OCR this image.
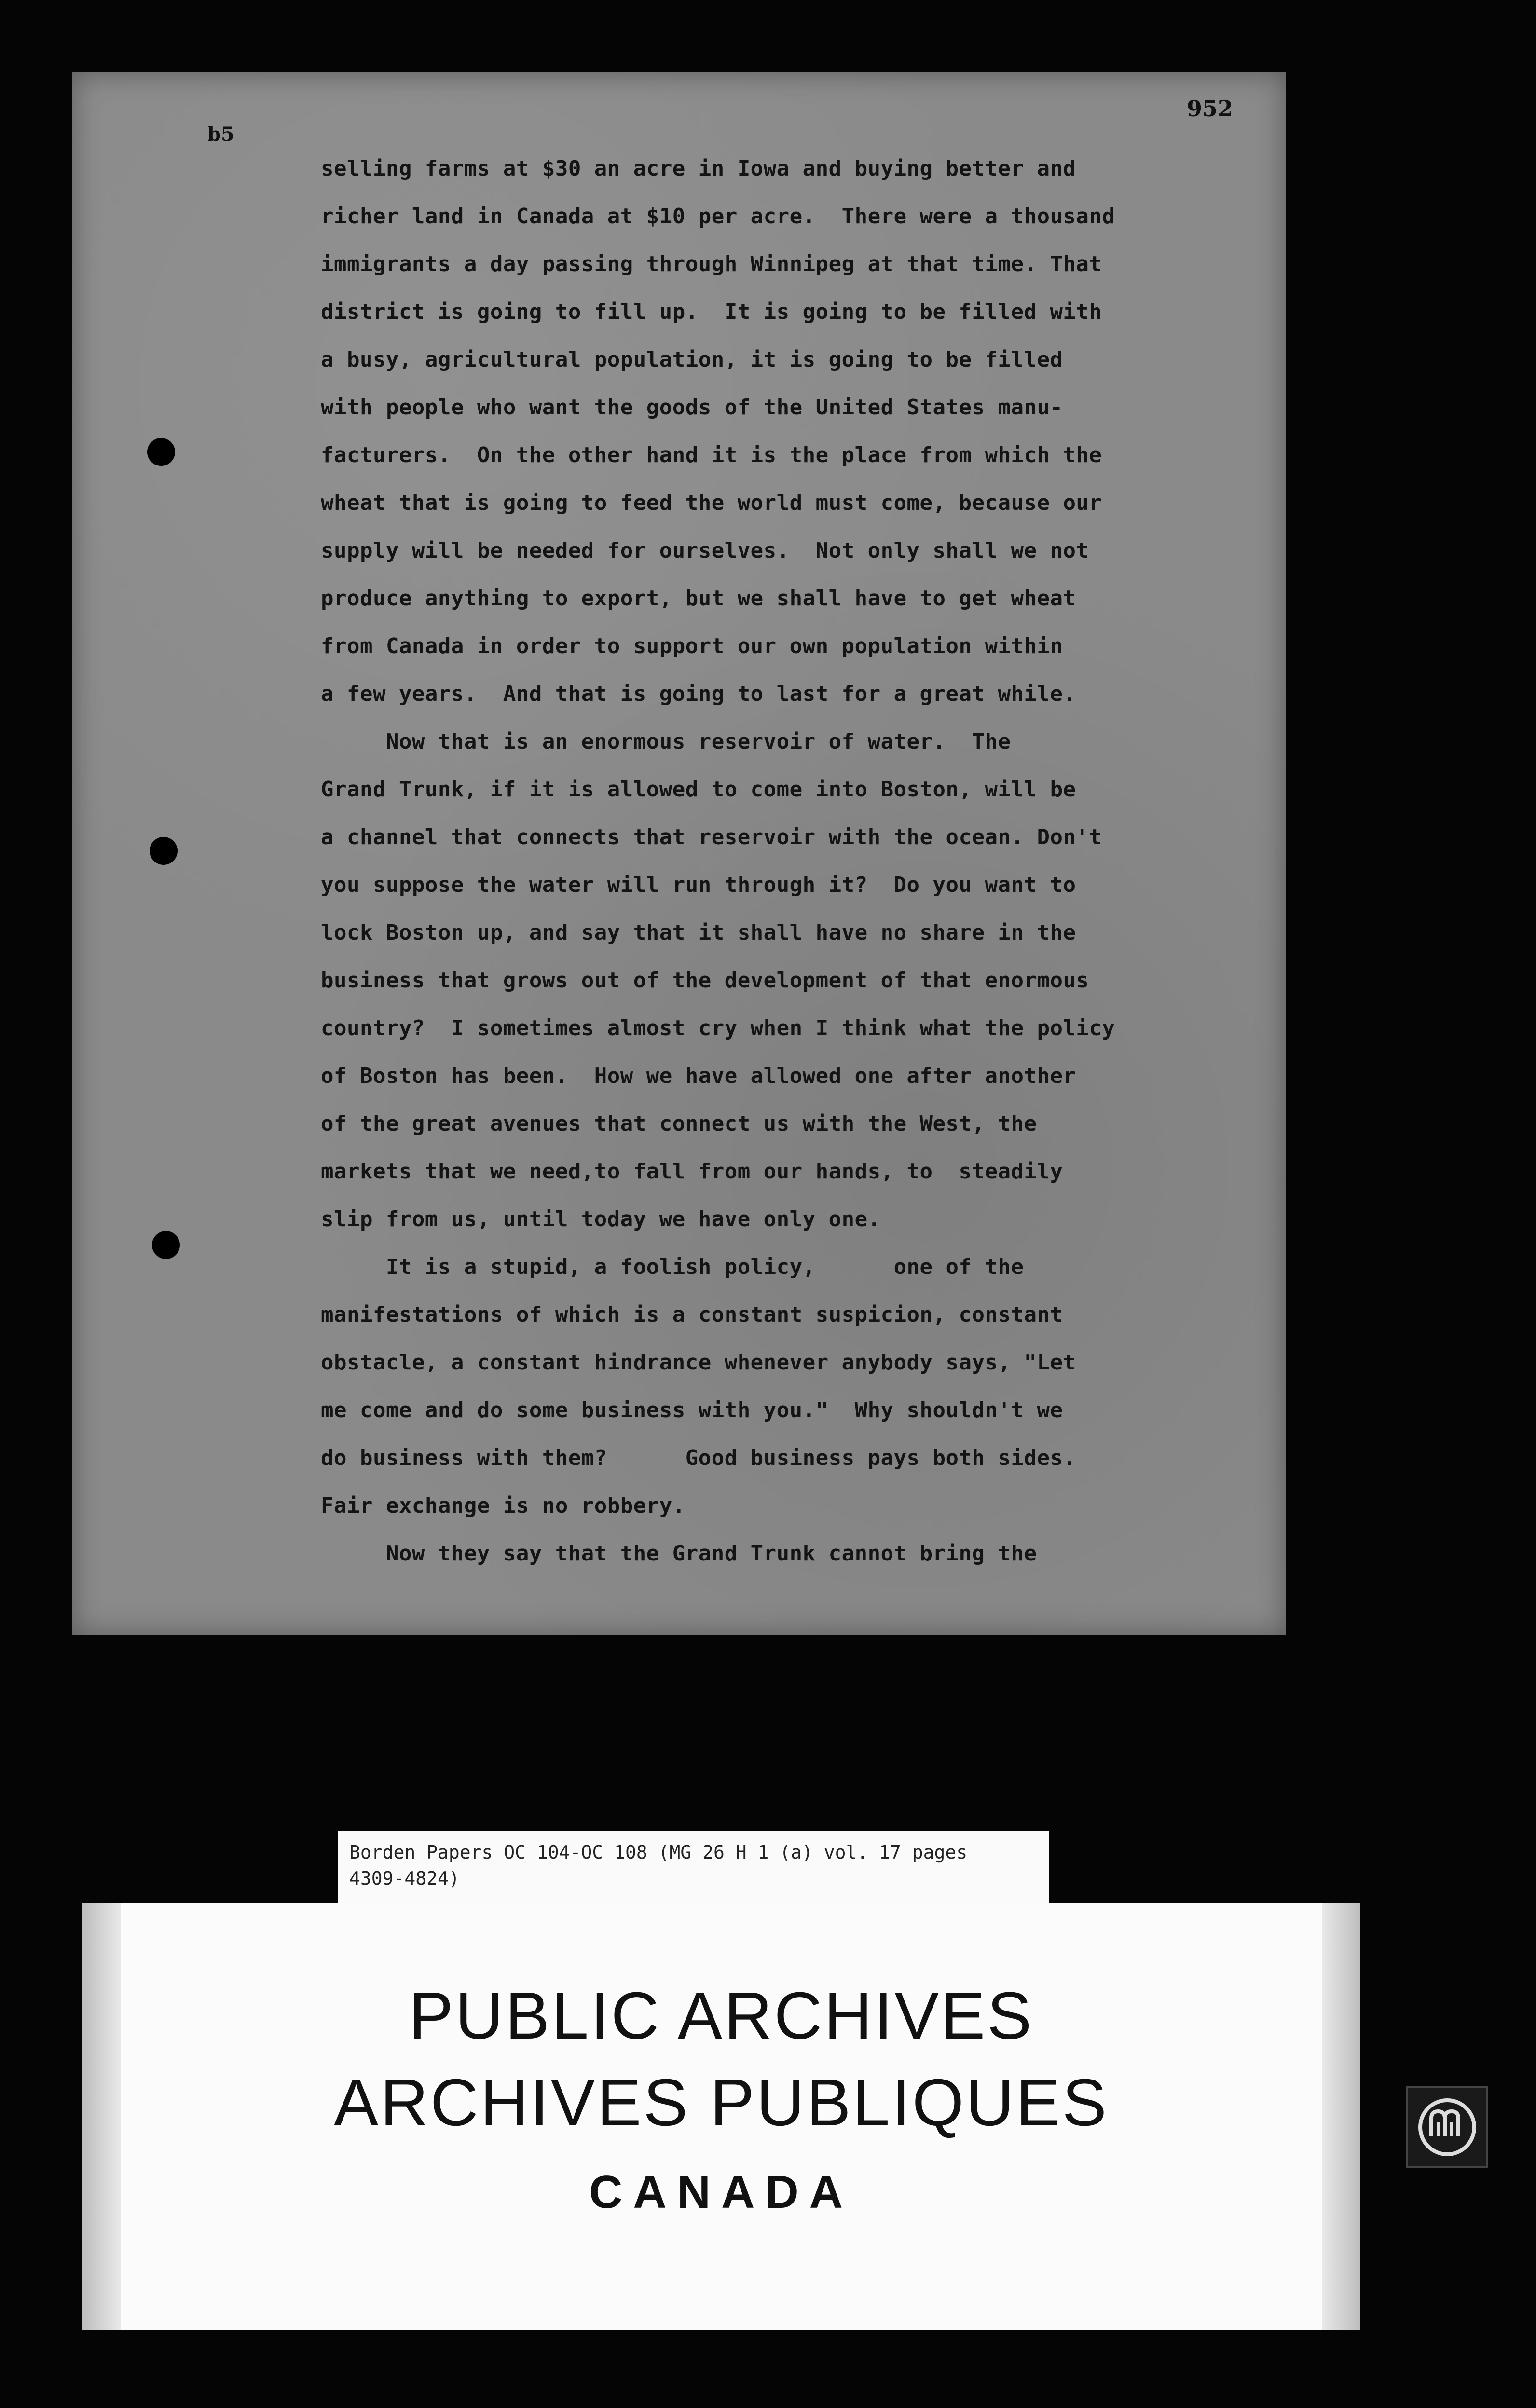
952
b5
selling farms at $30 an acre in Iowa and buying better and
richer land in Canada at $10 per acre.  There were a thousand
immigrants a day passing through Winnipeg at that time. That
district is going to fill up.  It is going to be filled with
a busy, agricultural population, it is going to be filled
with people who want the goods of the United States manu-
facturers.  On the other hand it is the place from which the
wheat that is going to feed the world must come, because our
supply will be needed for ourselves.  Not only shall we not
produce anything to export, but we shall have to get wheat
from Canada in order to support our own population within
a few years.  And that is going to last for a great while.
Now that is an enormous reservoir of water.  The
Grand Trunk, if it is allowed to come into Boston, will be
a channel that connects that reservoir with the ocean. Don't
you suppose the water will run through it?  Do you want to
lock Boston up, and say that it shall have no share in the
business that grows out of the development of that enormous
country?  I sometimes almost cry when I think what the policy
of Boston has been.  How we have allowed one after another
of the great avenues that connect us with the West, the
markets that we need,to fall from our hands, to  steadily
slip from us, until today we have only one.
It is a stupid, a foolish policy,      one of the
manifestations of which is a constant suspicion, constant
obstacle, a constant hindrance whenever anybody says, "Let
me come and do some business with you."  Why shouldn't we
do business with them?      Good business pays both sides.
Fair exchange is no robbery.
Now they say that the Grand Trunk cannot bring the
Borden Papers OC 104-OC 108 (MG 26 H 1 (a) vol. 17 pages
4309-4824)
PUBLIC ARCHIVES
ARCHIVES PUBLIQUES
CANADA
